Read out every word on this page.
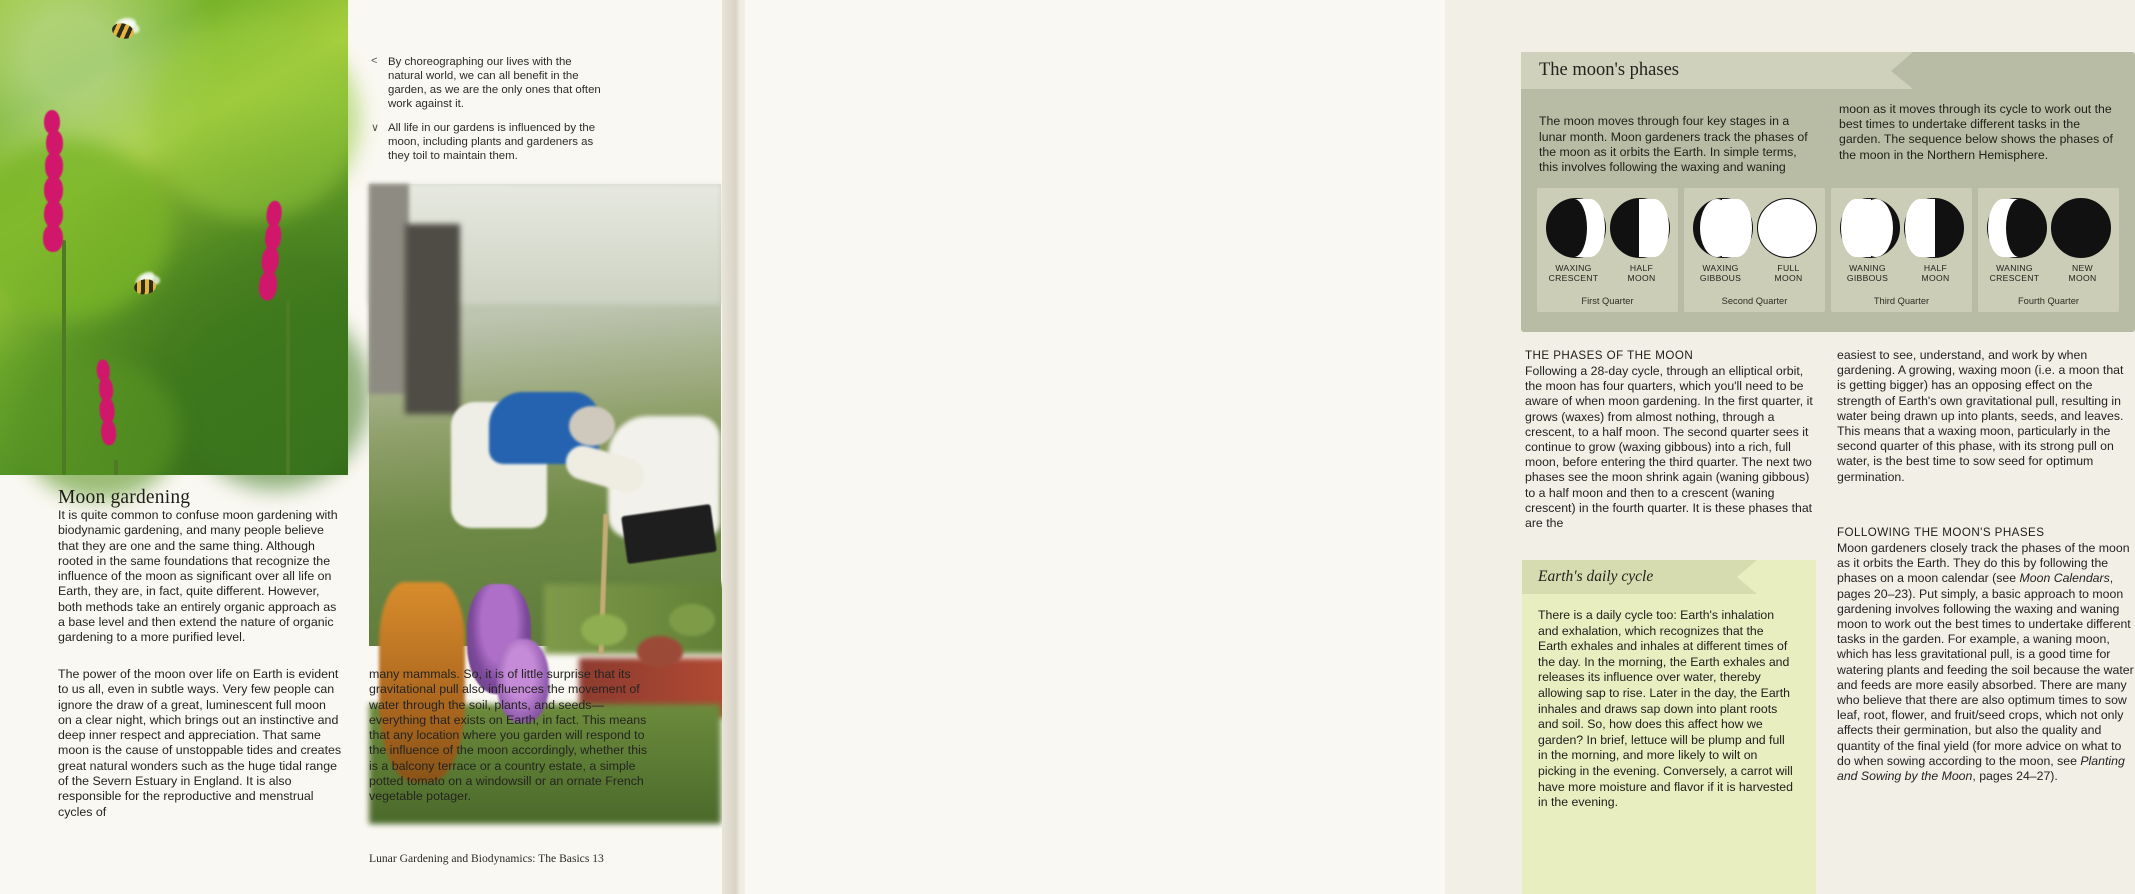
Moon gardening

It is quite common to confuse moon gardening with biodynamic gardening, and many people believe that they are one and the same thing. Although rooted in the same foundations that recognize the influence of the moon as significant over all life on Earth, they are, in fact, quite different. However, both methods take an entirely organic approach as a base level and then extend the nature of organic gardening to a more purified level.

The power of the moon over life on Earth is evident to us all, even in subtle ways. Very few people can ignore the draw of a great, luminescent full moon on a clear night, which brings out an instinctive and deep inner respect and appreciation. That same moon is the cause of unstoppable tides and creates great natural wonders such as the huge tidal range of the Severn Estuary in England. It is also responsible for the reproductive and menstrual cycles of

< By choreographing our lives with the natural world, we can all benefit in the garden, as we are the only ones that often work against it.
∨ All life in our gardens is influenced by the moon, including plants and gardeners as they toil to maintain them.

many mammals. So, it is of little surprise that its gravitational pull also influences the movement of water through the soil, plants, and seeds—everything that exists on Earth, in fact. This means that any location where you garden will respond to the influence of the moon accordingly, whether this is a balcony terrace or a country estate, a simple potted tomato on a windowsill or an ornate French vegetable potager.

Lunar Gardening and Biodynamics: The Basics 13
The moon's phases

The moon moves through four key stages in a lunar month. Moon gardeners track the phases of the moon as it orbits the Earth. In simple terms, this involves following the waxing and waning

moon as it moves through its cycle to work out the best times to undertake different tasks in the garden. The sequence below shows the phases of the moon in the Northern Hemisphere.

WAXING
CRESCENT
HALF
MOON
First Quarter
WAXING
GIBBOUS
FULL
MOON
Second Quarter
WANING
GIBBOUS
HALF
MOON
Third Quarter
WANING
CRESCENT
NEW
MOON
Fourth Quarter
THE PHASES OF THE MOON

Following a 28-day cycle, through an elliptical orbit, the moon has four quarters, which you'll need to be aware of when moon gardening. In the first quarter, it grows (waxes) from almost nothing, through a crescent, to a half moon. The second quarter sees it continue to grow (waxing gibbous) into a rich, full moon, before entering the third quarter. The next two phases see the moon shrink again (waning gibbous) to a half moon and then to a crescent (waning crescent) in the fourth quarter. It is these phases that are the

easiest to see, understand, and work by when gardening. A growing, waxing moon (i.e. a moon that is getting bigger) has an opposing effect on the strength of Earth's own gravitational pull, resulting in water being drawn up into plants, seeds, and leaves. This means that a waxing moon, particularly in the second quarter of this phase, with its strong pull on water, is the best time to sow seed for optimum germination.

FOLLOWING THE MOON'S PHASES

Moon gardeners closely track the phases of the moon as it orbits the Earth. They do this by following the phases on a moon calendar (see Moon Calendars, pages 20–23). Put simply, a basic approach to moon gardening involves following the waxing and waning moon to work out the best times to undertake different tasks in the garden. For example, a waning moon, which has less gravitational pull, is a good time for watering plants and feeding the soil because the water and feeds are more easily absorbed. There are many who believe that there are also optimum times to sow leaf, root, flower, and fruit/seed crops, which not only affects their germination, but also the quality and quantity of the final yield (for more advice on what to do when sowing according to the moon, see Planting and Sowing by the Moon, pages 24–27).

Earth's daily cycle
There is a daily cycle too: Earth's inhalation and exhalation, which recognizes that the Earth exhales and inhales at different times of the day. In the morning, the Earth exhales and releases its influence over water, thereby allowing sap to rise. Later in the day, the Earth inhales and draws sap down into plant roots and soil. So, how does this affect how we garden? In brief, lettuce will be plump and full in the morning, and more likely to wilt on picking in the evening. Conversely, a carrot will have more moisture and flavor if it is harvested in the evening.
